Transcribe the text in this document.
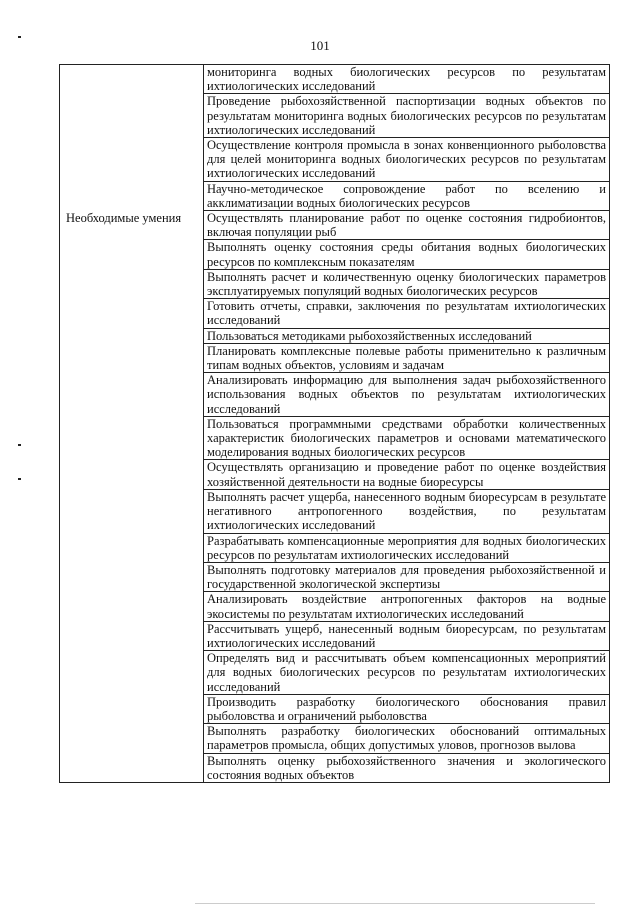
101
	мониторинга водных биологических ресурсов по результатам ихтиологических исследований
	Проведение рыбохозяйственной паспортизации водных объектов по результатам мониторинга водных биологических ресурсов по результатам ихтиологических исследований
	Осуществление контроля промысла в зонах конвенционного рыболовства для целей мониторинга водных биологических ресурсов по результатам ихтиологических исследований
	Научно-методическое сопровождение работ по вселению и акклиматизации водных биологических ресурсов
Необходимые умения	Осуществлять планирование работ по оценке состояния гидробионтов, включая популяции рыб
	Выполнять оценку состояния среды обитания водных биологических ресурсов по комплексным показателям
	Выполнять расчет и количественную оценку биологических параметров эксплуатируемых популяций водных биологических ресурсов
	Готовить отчеты, справки, заключения по результатам ихтиологических исследований
	Пользоваться методиками рыбохозяйственных исследований
	Планировать комплексные полевые работы применительно к различным типам водных объектов, условиям и задачам
	Анализировать информацию для выполнения задач рыбохозяйственного использования водных объектов по результатам ихтиологических исследований
	Пользоваться программными средствами обработки количественных характеристик биологических параметров и основами математического моделирования водных биологических ресурсов
	Осуществлять организацию и проведение работ по оценке воздействия хозяйственной деятельности на водные биоресурсы
	Выполнять расчет ущерба, нанесенного водным биоресурсам в результате негативного антропогенного воздействия, по результатам ихтиологических исследований
	Разрабатывать компенсационные мероприятия для водных биологических ресурсов по результатам ихтиологических исследований
	Выполнять подготовку материалов для проведения рыбохозяйственной и государственной экологической экспертизы
	Анализировать воздействие антропогенных факторов на водные экосистемы по результатам ихтиологических исследований
	Рассчитывать ущерб, нанесенный водным биоресурсам, по результатам ихтиологических исследований
	Определять вид и рассчитывать объем компенсационных мероприятий для водных биологических ресурсов по результатам ихтиологических исследований
	Производить разработку биологического обоснования правил рыболовства и ограничений рыболовства
	Выполнять разработку биологических обоснований оптимальных параметров промысла, общих допустимых уловов, прогнозов вылова
	Выполнять оценку рыбохозяйственного значения и экологического состояния водных объектов
